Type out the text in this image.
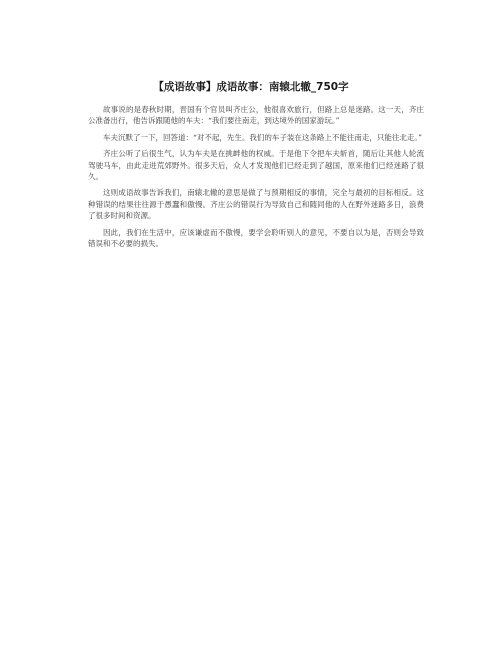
【成语故事】成语故事：南辕北辙_750字

故事说的是春秋时期，晋国有个官员叫齐庄公，他很喜欢旅行，但路上总是迷路。这一天，齐庄公准备出行，他告诉跟随他的车夫：“我们要往南走，到达境外的国家游玩。”

车夫沉默了一下，回答道：“对不起，先生。我们的车子装在这条路上不能往南走，只能往北走。”

齐庄公听了后很生气，认为车夫是在挑衅他的权威。于是他下令把车夫斩首，随后让其他人轮流驾驶马车，由此走进荒郊野外。很多天后，众人才发现他们已经走到了越国，原来他们已经迷路了很久。

这则成语故事告诉我们，南辕北辙的意思是做了与预期相反的事情，完全与最初的目标相反。这种错误的结果往往源于愚蠢和傲慢。齐庄公的错误行为导致自己和随同他的人在野外迷路多日，浪费了很多时间和资源。

因此，我们在生活中，应该谦虚而不傲慢，要学会聆听别人的意见，不要自以为是，否则会导致错误和不必要的损失。
